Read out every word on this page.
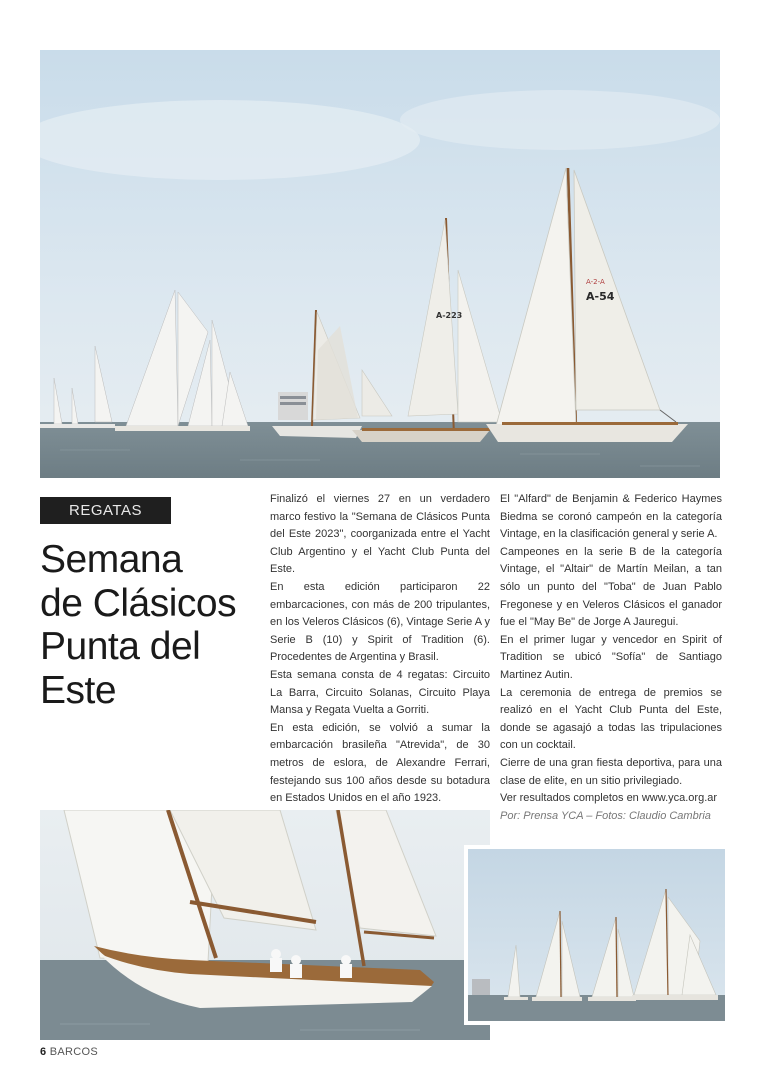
A-223
A-54
A-2-A
REGATAS
Semana
de Clásicos
Punta del
Este

Finalizó el viernes 27 en un verdadero marco festivo la "Semana de Clásicos Punta del Este 2023", coorganizada entre el Yacht Club Argentino y el Yacht Club Punta del Este.

En esta edición participaron 22 embarcaciones, con más de 200 tripulantes, en los Veleros Clásicos (6), Vintage Serie A y Serie B (10) y Spirit of Tradition (6). Procedentes de Argentina y Brasil.

Esta semana consta de 4 regatas: Circuito La Barra, Circuito Solanas, Circuito Playa Mansa y Regata Vuelta a Gorriti.

En esta edición, se volvió a sumar la embarcación brasileña "Atrevida", de 30 metros de eslora, de Alexandre Ferrari, festejando sus 100 años desde su botadura en Estados Unidos en el año 1923.

El "Alfard" de Benjamin & Federico Haymes Biedma se coronó campeón en la categoría Vintage, en la clasificación general y serie A.

Campeones en la serie B de la categoría Vintage, el "Altair" de Martín Meilan, a tan sólo un punto del "Toba" de Juan Pablo Fregonese y en Veleros Clásicos el ganador fue el "May Be" de Jorge A Jauregui.

En el primer lugar y vencedor en Spirit of Tradition se ubicó "Sofía" de Santiago Martinez Autin.

La ceremonia de entrega de premios se realizó en el Yacht Club Punta del Este, donde se agasajó a todas las tripulaciones con un cocktail.

Cierre de una gran fiesta deportiva, para una clase de elite, en un sitio privilegiado.

Ver resultados completos en www.yca.org.ar

Por: Prensa YCA – Fotos: Claudio Cambria

6 BARCOS
